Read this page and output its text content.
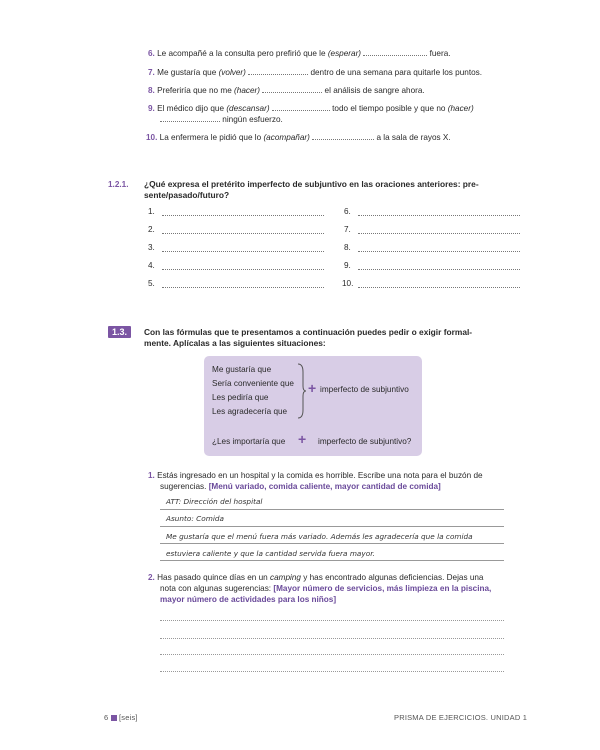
6. Le acompañé a la consulta pero prefirió que le (esperar)	fuera.
7. Me gustaría que (volver)	dentro de una semana para quitarle los puntos.
8. Preferiría que no me (hacer)	el análisis de sangre ahora.
9. El médico dijo que (descansar)	todo el tiempo posible y que no (hacer)
ningún esfuerzo.
10. La enfermera le pidió que lo (acompañar)	a la sala de rayos X.
1.2.1. ¿Qué expresa el pretérito imperfecto de subjuntivo en las oraciones anteriores: pre-
sente/pasado/futuro?
1.
2.
3.
4.
5.
6.
7.
8.
9.
10.
1.3.	Con las fórmulas que te presentamos a continuación puedes pedir o exigir formal-
mente. Aplícalas a las siguientes situaciones:
Me gustaría que
Sería conveniente que
Les pediría que
Les agradecería que
+ imperfecto de subjuntivo
¿Les importaría que + imperfecto de subjuntivo?
1. Estás ingresado en un hospital y la comida es horrible. Escribe una nota para el buzón de
sugerencias. [Menú variado, comida caliente, mayor cantidad de comida]
ATT: Dirección del hospital
Asunto: Comida
Me gustaría que el menú fuera más variado. Además les agradecería que la comida
estuviera caliente y que la cantidad servida fuera mayor.
2. Has pasado quince días en un camping y has encontrado algunas deficiencias. Dejas una
nota con algunas sugerencias: [Mayor número de servicios, más limpieza en la piscina,
mayor número de actividades para los niños]
6 [seis]	PRISMA DE EJERCICIOS. UNIDAD 1
